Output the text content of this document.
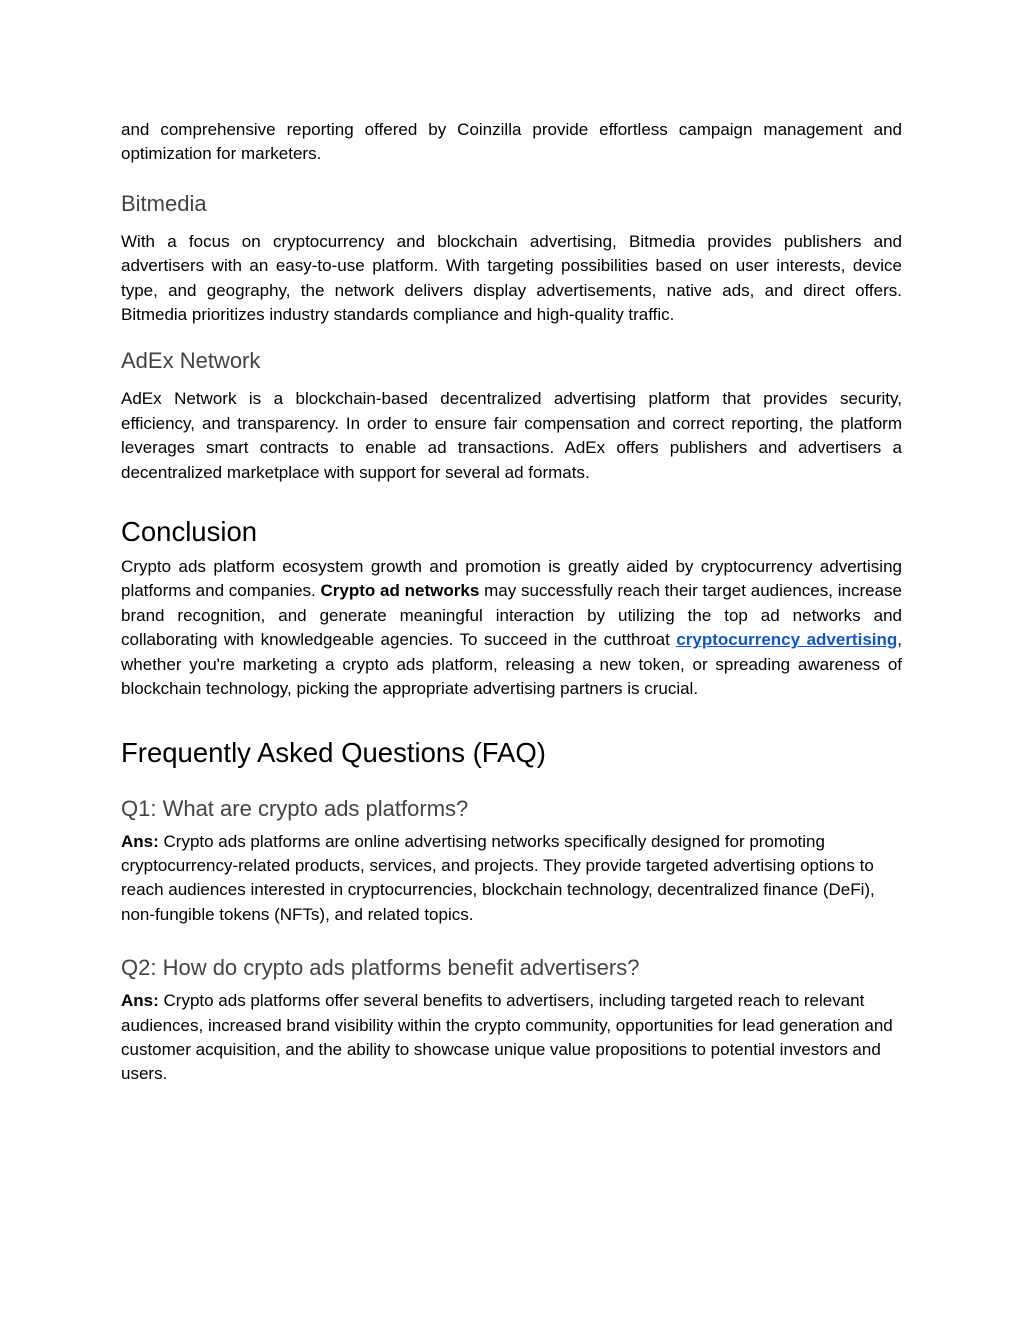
and comprehensive reporting offered by Coinzilla provide effortless campaign management and optimization for marketers.

Bitmedia

With a focus on cryptocurrency and blockchain advertising, Bitmedia provides publishers and advertisers with an easy-to-use platform. With targeting possibilities based on user interests, device type, and geography, the network delivers display advertisements, native ads, and direct offers. Bitmedia prioritizes industry standards compliance and high-quality traffic.

AdEx Network

AdEx Network is a blockchain-based decentralized advertising platform that provides security, efficiency, and transparency. In order to ensure fair compensation and correct reporting, the platform leverages smart contracts to enable ad transactions. AdEx offers publishers and advertisers a decentralized marketplace with support for several ad formats.

Conclusion

Crypto ads platform ecosystem growth and promotion is greatly aided by cryptocurrency advertising platforms and companies. Crypto ad networks may successfully reach their target audiences, increase brand recognition, and generate meaningful interaction by utilizing the top ad networks and collaborating with knowledgeable agencies. To succeed in the cutthroat cryptocurrency advertising, whether you're marketing a crypto ads platform, releasing a new token, or spreading awareness of blockchain technology, picking the appropriate advertising partners is crucial.

Frequently Asked Questions (FAQ)
Q1: What are crypto ads platforms?

Ans: Crypto ads platforms are online advertising networks specifically designed for promoting cryptocurrency-related products, services, and projects. They provide targeted advertising options to reach audiences interested in cryptocurrencies, blockchain technology, decentralized finance (DeFi), non-fungible tokens (NFTs), and related topics.

Q2: How do crypto ads platforms benefit advertisers?

Ans: Crypto ads platforms offer several benefits to advertisers, including targeted reach to relevant audiences, increased brand visibility within the crypto community, opportunities for lead generation and customer acquisition, and the ability to showcase unique value propositions to potential investors and users.
